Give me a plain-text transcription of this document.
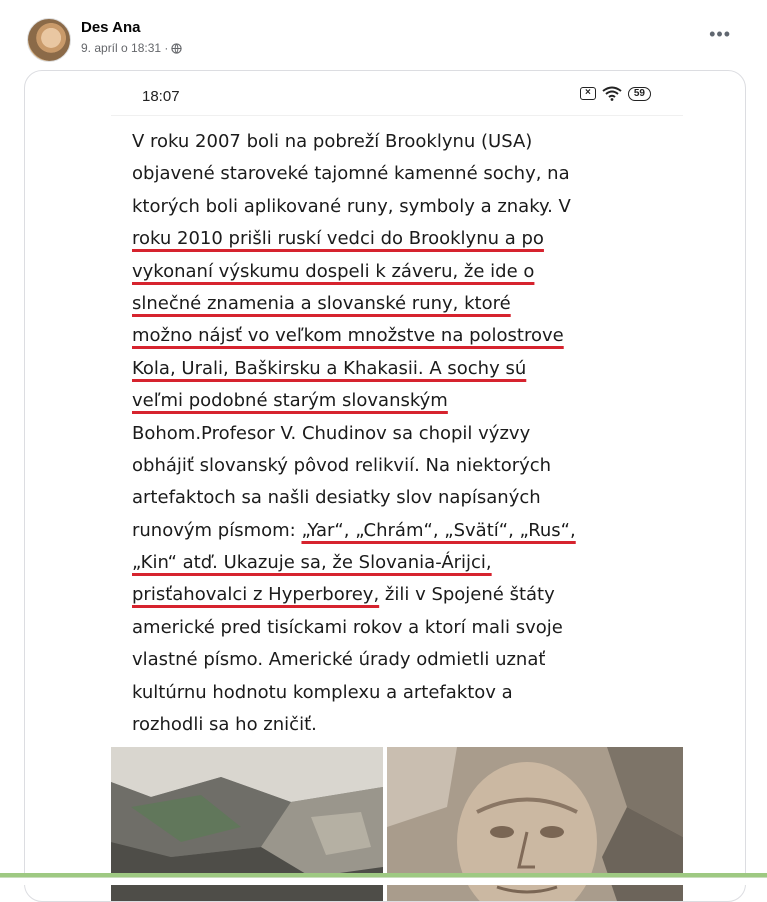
Des Ana
9. apríl o 18:31 ·
•••
18:07	×	59
V roku 2007 boli na pobreží Brooklynu (USA)
objavené staroveké tajomné kamenné sochy, na
ktorých boli aplikované runy, symboly a znaky. V
roku 2010 prišli ruskí vedci do Brooklynu a po
vykonaní výskumu dospeli k záveru, že ide o
slnečné znamenia a slovanské runy, ktoré
možno nájsť vo veľkom množstve na polostrove
Kola, Urali, Baškirsku a Khakasii. A sochy sú
veľmi podobné starým slovanským
Bohom.Profesor V. Chudinov sa chopil výzvy
obhájiť slovanský pôvod relikvií. Na niektorých
artefaktoch sa našli desiatky slov napísaných
runovým písmom: „Yar“, „Chrám“, „Svätí“, „Rus“,
„Kin“ atď. Ukazuje sa, že Slovania-Árijci,
prisťahovalci z Hyperborey, žili v Spojené štáty
americké pred tisíckami rokov a ktorí mali svoje
vlastné písmo. Americké úrady odmietli uznať
kultúrnu hodnotu komplexu a artefaktov a
rozhodli sa ho zničiť.
